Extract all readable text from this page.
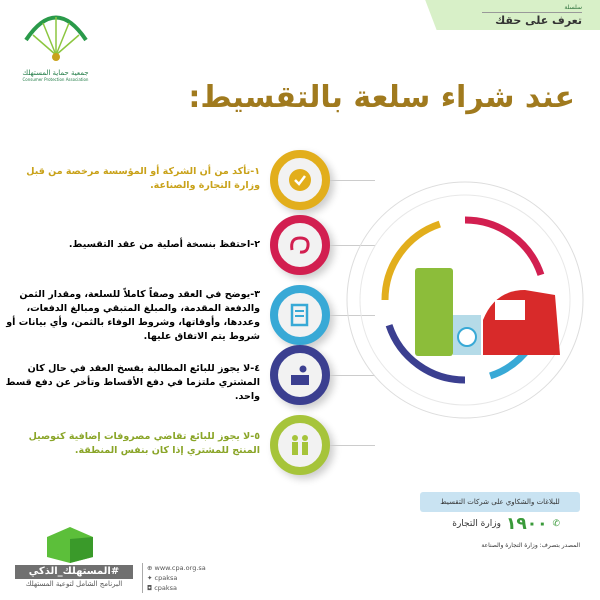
جمعية حماية المستهلك
Consumer Protection Association
سلسلة
تعرف على حقك
عند شراء سلعة بالتقسيط:
١-تأكد من أن الشركة أو المؤسسة مرخصة من قبل وزارة التجارة والصناعة.
٢-احتفظ بنسخة أصلية من عقد التقسيط.
٣-يوضح في العقد وصفاً كاملاً للسلعة، ومقدار الثمن والدفعة المقدمة، والمبلغ المتبقي ومبالغ الدفعات، وعددها، وأوقاتها، وشروط الوفاء بالثمن، وأي بيانات أو شروط يتم الاتفاق عليها.
٤-لا يجوز للبائع المطالبة بفسخ العقد في حال كان المشتري ملتزما في دفع الأقساط وتأخر عن دفع قسط واحد.
٥-لا يجوز للبائع تقاضي مصروفات إضافية كتوصيل المنتج للمشتري إذا كان بنفس المنطقة.
للبلاغات والشكاوي على شركات التقسيط
✆
١٩٠٠
وزارة التجارة
المصدر بتصرف: وزارة التجارة والصناعة
#المستهلك_الذكي
البرنامج الشامل لتوعية المستهلك
⊕ www.cpa.org.sa
✦ cpaksa
◘ cpaksa
